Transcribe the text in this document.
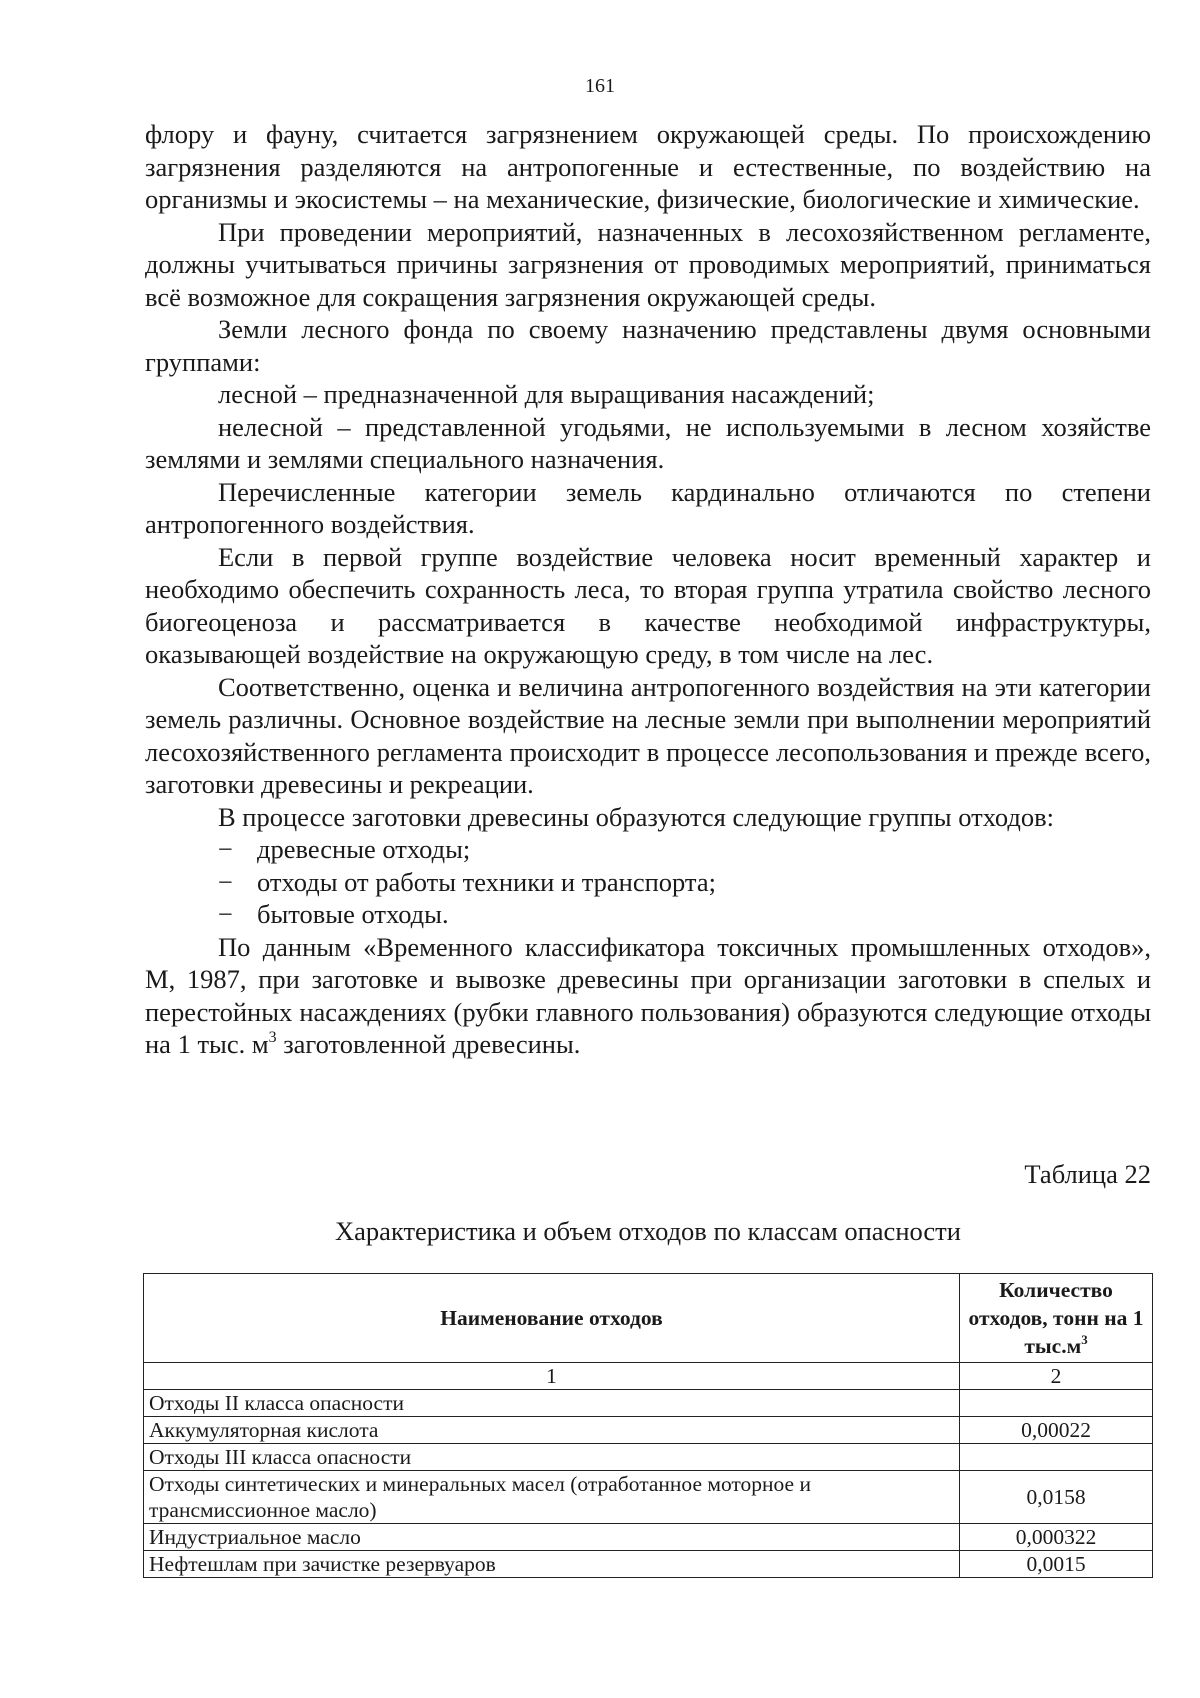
161

флору и фауну, считается загрязнением окружающей среды. По происхождению загрязнения разделяются на антропогенные и естественные, по воздействию на организмы и экосистемы – на механические, физические, биологические и химические.

При проведении мероприятий, назначенных в лесохозяйственном регламенте, должны учитываться причины загрязнения от проводимых мероприятий, приниматься всё возможное для сокращения загрязнения окружающей среды.

Земли лесного фонда по своему назначению представлены двумя основными группами:

лесной – предназначенной для выращивания насаждений;

нелесной – представленной угодьями, не используемыми в лесном хозяйстве землями и землями специального назначения.

Перечисленные категории земель кардинально отличаются по степени антропогенного воздействия.

Если в первой группе воздействие человека носит временный характер и необходимо обеспечить сохранность леса, то вторая группа утратила свойство лесного биогеоценоза и рассматривается в качестве необходимой инфраструктуры, оказывающей воздействие на окружающую среду, в том числе на лес.

Соответственно, оценка и величина антропогенного воздействия на эти категории земель различны. Основное воздействие на лесные земли при выполнении мероприятий лесохозяйственного регламента происходит в процессе лесопользования и прежде всего, заготовки древесины и рекреации.

В процессе заготовки древесины образуются следующие группы отходов:

− древесные отходы;

− отходы от работы техники и транспорта;

− бытовые отходы.

По данным «Временного классификатора токсичных промышленных отходов», М, 1987, при заготовке и вывозке древесины при организации заготовки в спелых и перестойных насаждениях (рубки главного пользования) образуются следующие отходы на 1 тыс. $м^3$ заготовленной древесины.

Таблица 22
Характеристика и объем отходов по классам опасности
Наименование отходов	Количество отходов, тонн на 1 $тыс.м^3$
1	2
Отходы II класса опасности	
Аккумуляторная кислота	0,00022
Отходы III класса опасности	
Отходы синтетических и минеральных масел (отработанное моторное и трансмиссионное масло)	0,0158
Индустриальное масло	0,000322
Нефтешлам при зачистке резервуаров	0,0015
